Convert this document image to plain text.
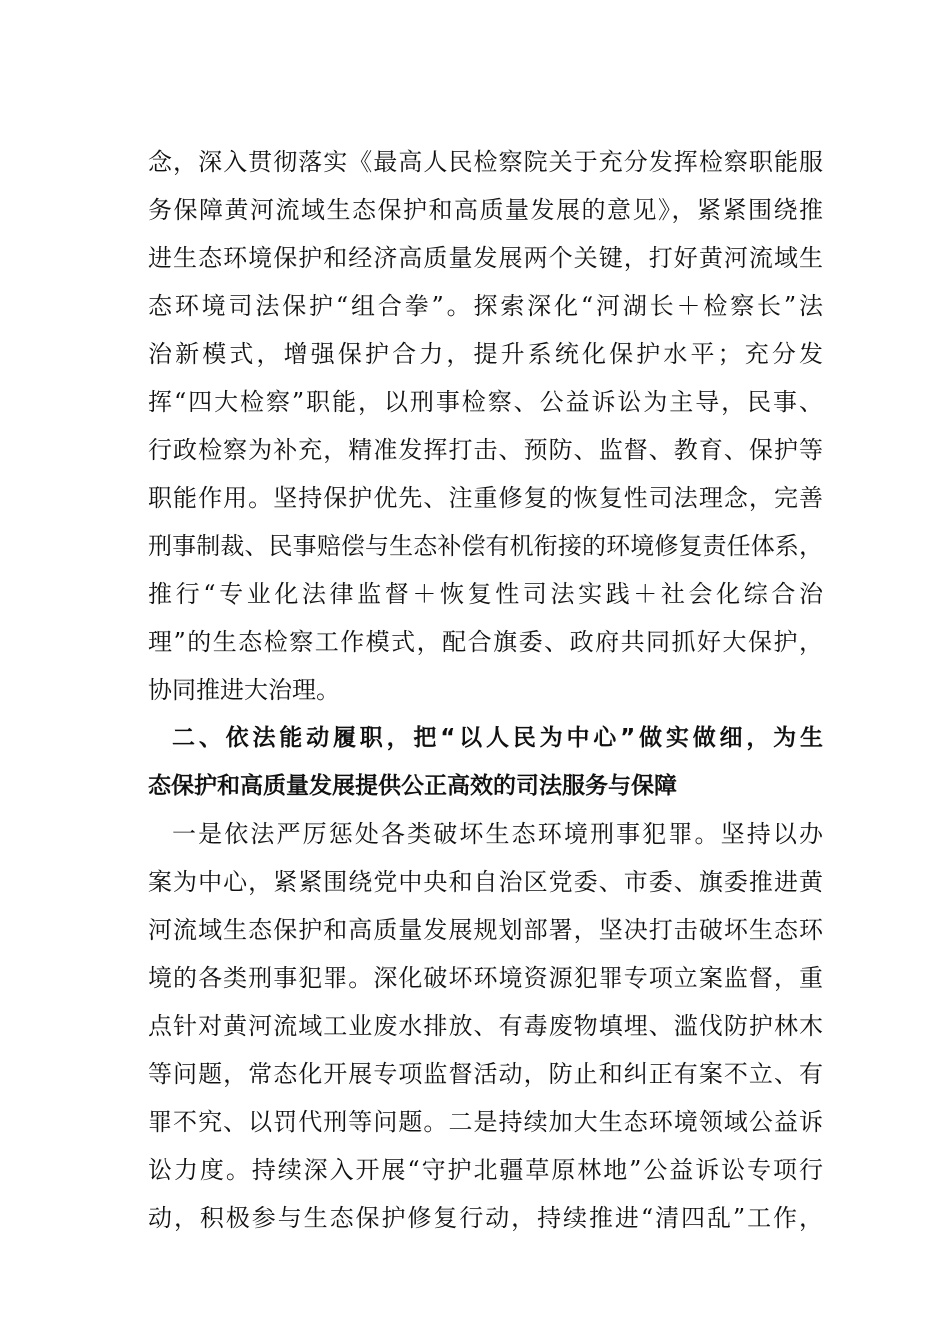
念，深入贯彻落实《最高人民检察院关于充分发挥检察职能服
务保障黄河流域生态保护和高质量发展的意见》，紧紧围绕推
进生态环境保护和经济高质量发展两个关键，打好黄河流域生
态环境司法保护“组合拳”。探索深化“河湖长＋检察长”法
治新模式，增强保护合力，提升系统化保护水平；充分发
挥“四大检察”职能，以刑事检察、公益诉讼为主导，民事、
行政检察为补充，精准发挥打击、预防、监督、教育、保护等
职能作用。坚持保护优先、注重修复的恢复性司法理念，完善
刑事制裁、民事赔偿与生态补偿有机衔接的环境修复责任体系，
推行“专业化法律监督＋恢复性司法实践＋社会化综合治
理”的生态检察工作模式，配合旗委、政府共同抓好大保护，
协同推进大治理。
二、依法能动履职，把“以人民为中心”做实做细，为生
态保护和高质量发展提供公正高效的司法服务与保障
一是依法严厉惩处各类破坏生态环境刑事犯罪。坚持以办
案为中心，紧紧围绕党中央和自治区党委、市委、旗委推进黄
河流域生态保护和高质量发展规划部署，坚决打击破坏生态环
境的各类刑事犯罪。深化破坏环境资源犯罪专项立案监督，重
点针对黄河流域工业废水排放、有毒废物填埋、滥伐防护林木
等问题，常态化开展专项监督活动，防止和纠正有案不立、有
罪不究、以罚代刑等问题。二是持续加大生态环境领域公益诉
讼力度。持续深入开展“守护北疆草原林地”公益诉讼专项行
动，积极参与生态保护修复行动，持续推进“清四乱”工作，
